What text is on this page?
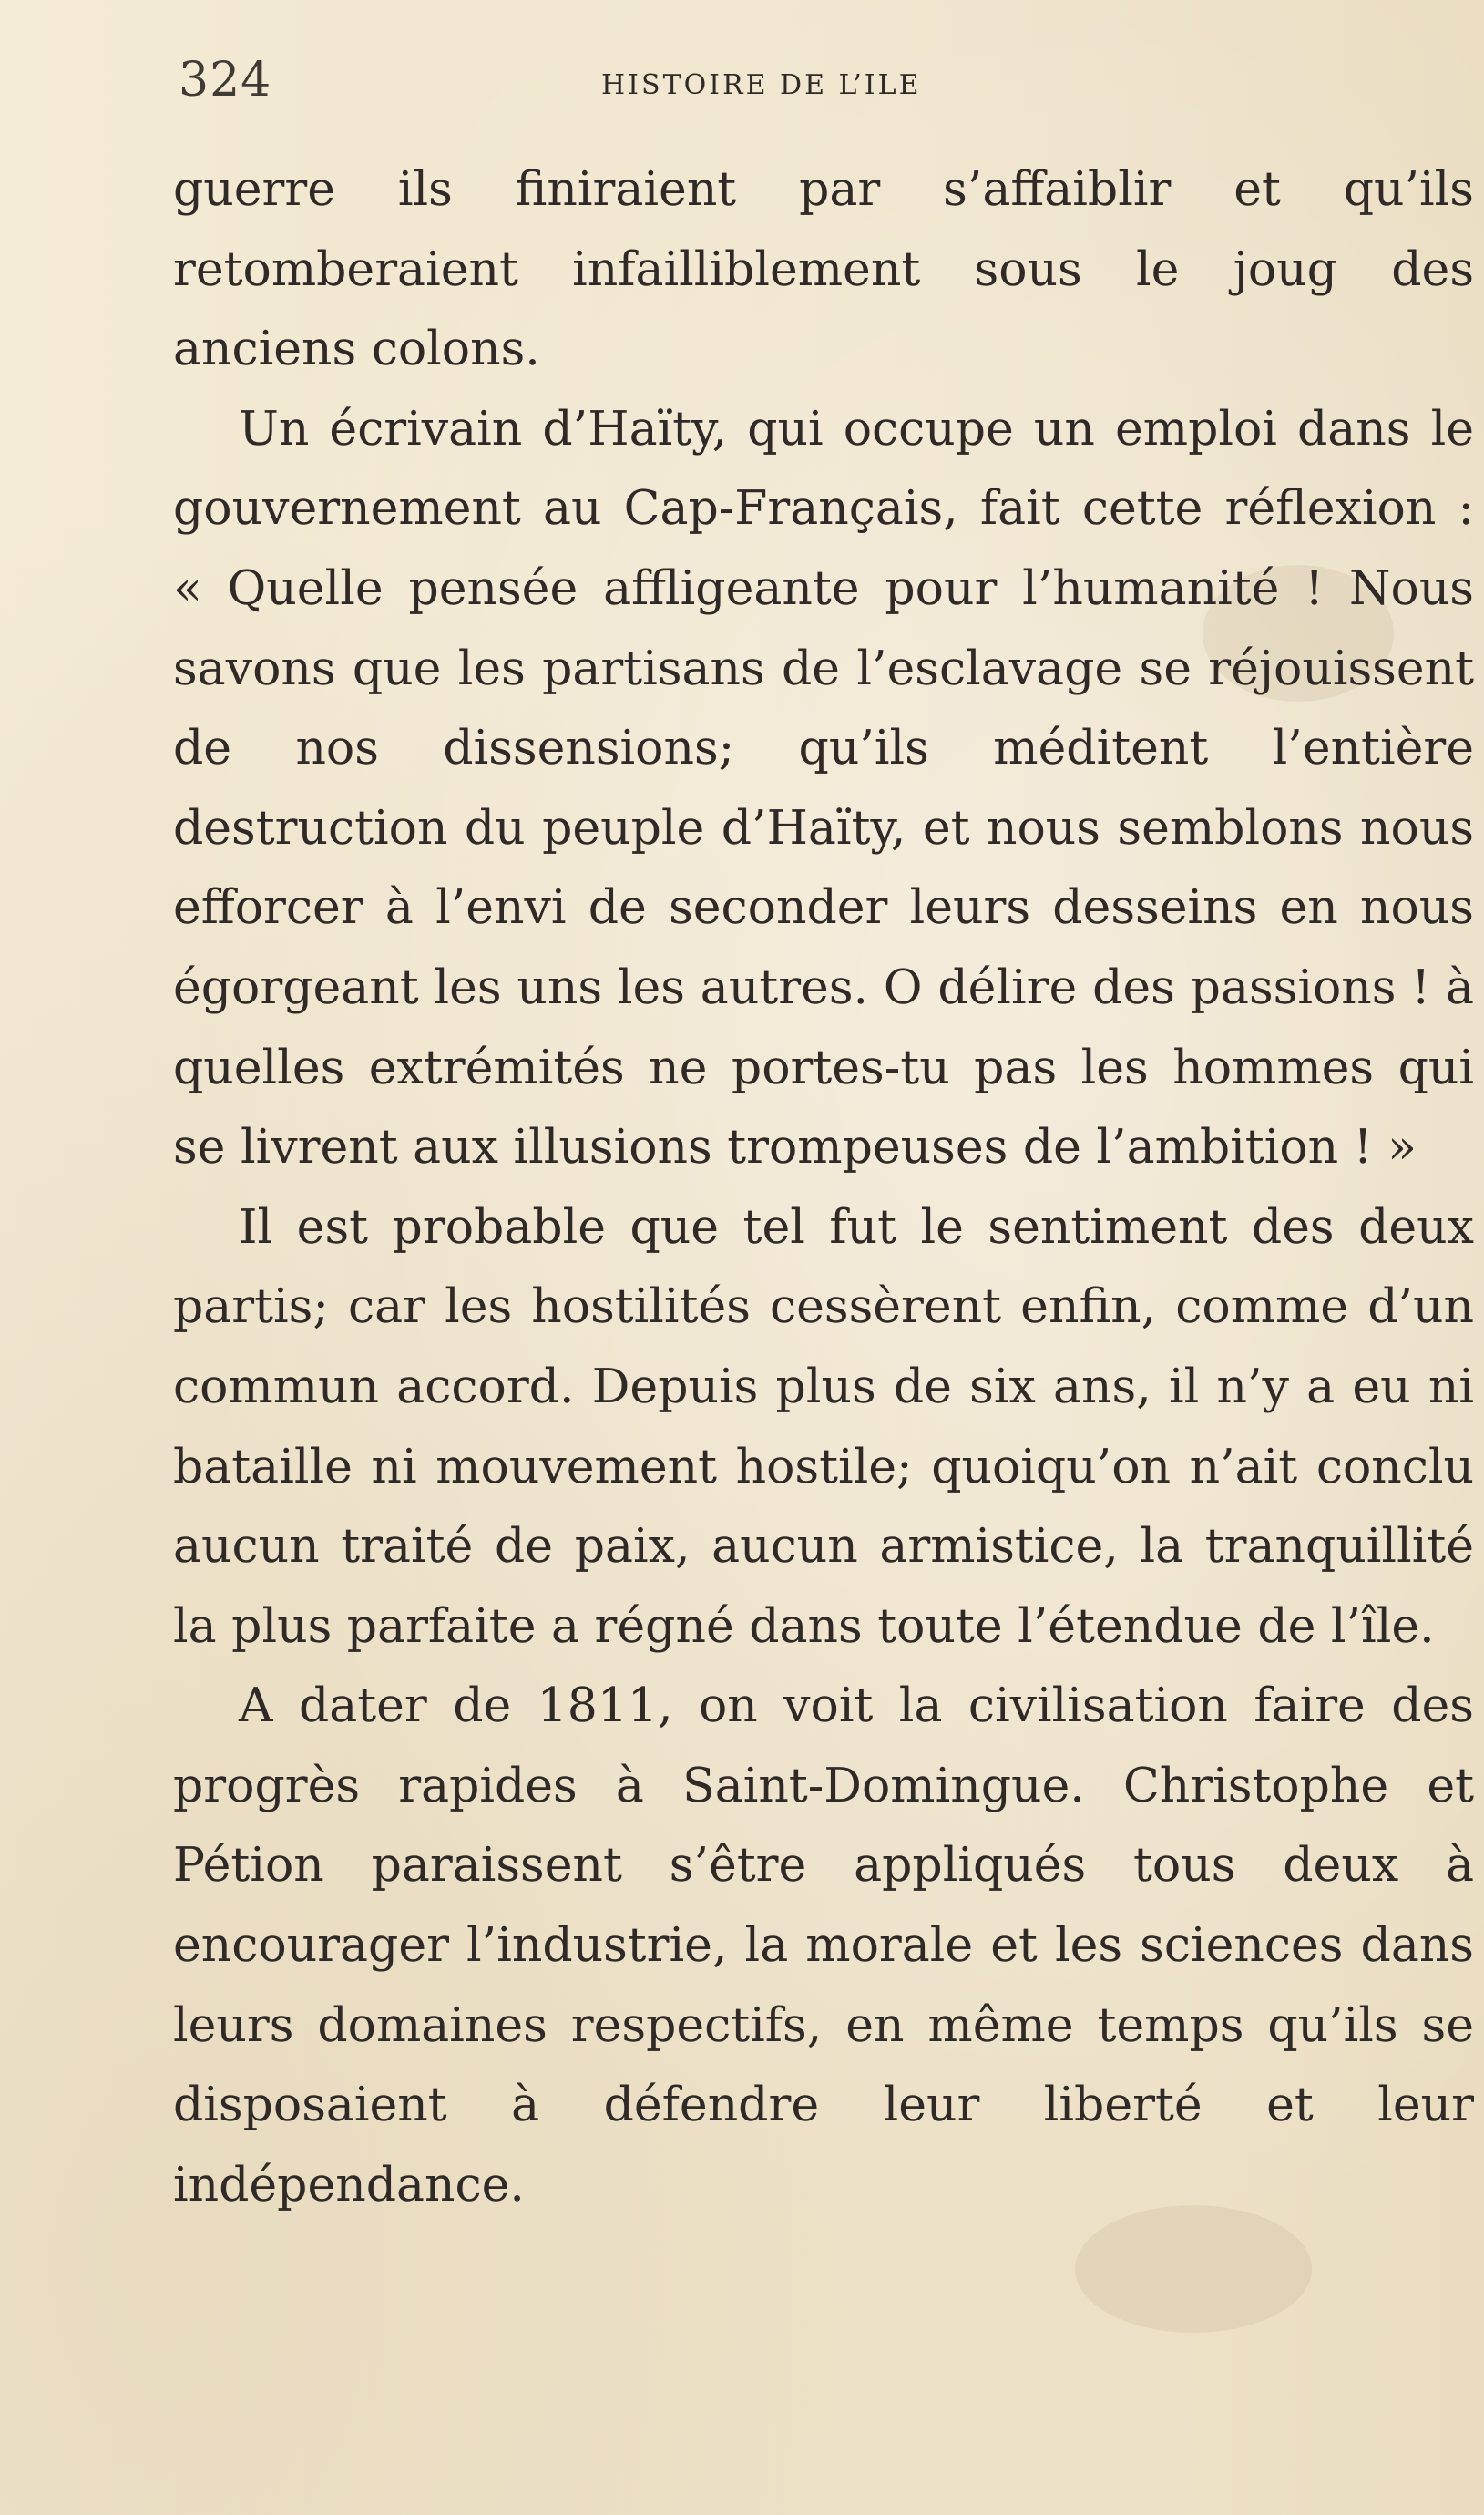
324	HISTOIRE DE L’ILE

guerre ils finiraient par s’affaiblir et qu’ils retomberaient infailliblement sous le joug des anciens colons.

Un écrivain d’Haïty, qui occupe un emploi dans le gouvernement au Cap-Français, fait cette réflexion : « Quelle pensée affligeante pour l’humanité ! Nous savons que les partisans de l’esclavage se réjouissent de nos dissensions; qu’ils méditent l’entière destruction du peuple d’Haïty, et nous semblons nous efforcer à l’envi de seconder leurs desseins en nous égorgeant les uns les autres. O délire des passions ! à quelles extrémités ne portes-tu pas les hommes qui se livrent aux illusions trompeuses de l’ambition ! »

Il est probable que tel fut le sentiment des deux partis; car les hostilités cessèrent enfin, comme d’un commun accord. Depuis plus de six ans, il n’y a eu ni bataille ni mouvement hostile; quoiqu’on n’ait conclu aucun traité de paix, aucun armistice, la tranquillité la plus parfaite a régné dans toute l’étendue de l’île.

A dater de 1811, on voit la civilisation faire des progrès rapides à Saint-Domingue. Christophe et Pétion paraissent s’être appliqués tous deux à encourager l’industrie, la morale et les sciences dans leurs domaines respectifs, en même temps qu’ils se disposaient à défendre leur liberté et leur indépendance.
